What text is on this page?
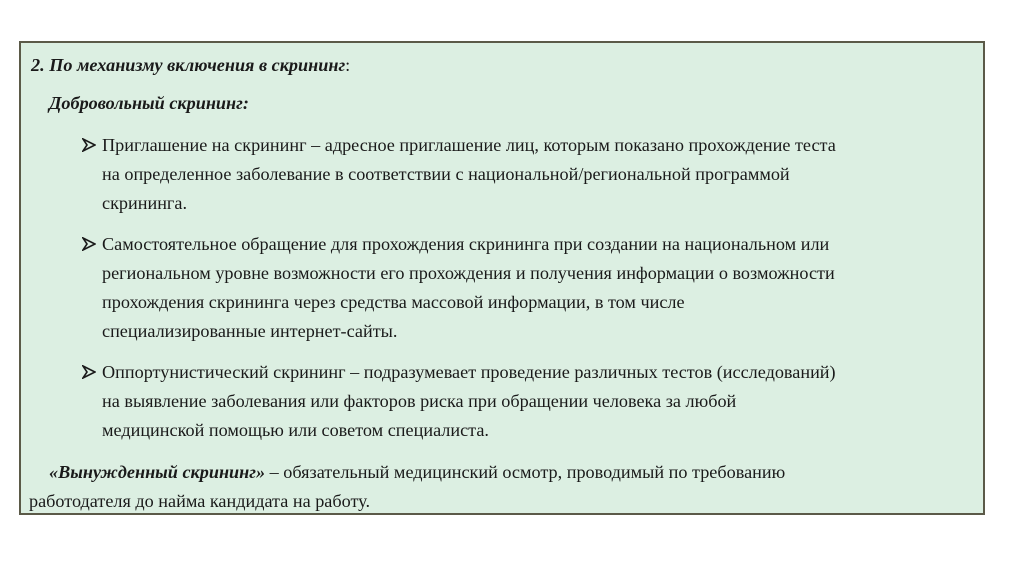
2. По механизму включения в скрининг:
Добровольный скрининг:
Приглашение на скрининг – адресное приглашение лиц, которым показано прохождение теста
на определенное заболевание в соответствии с национальной/региональной программой
скрининга.
Самостоятельное обращение для прохождения скрининга при создании на национальном или
региональном уровне возможности его прохождения и получения информации о возможности
прохождения скрининга через средства массовой информации, в том числе
специализированные интернет-сайты.
Оппортунистический скрининг – подразумевает проведение различных тестов (исследований)
на выявление заболевания или факторов риска при обращении человека за любой
медицинской помощью или советом специалиста.
«Вынужденный скрининг» – обязательный медицинский осмотр, проводимый по требованию
работодателя до найма кандидата на работу.
